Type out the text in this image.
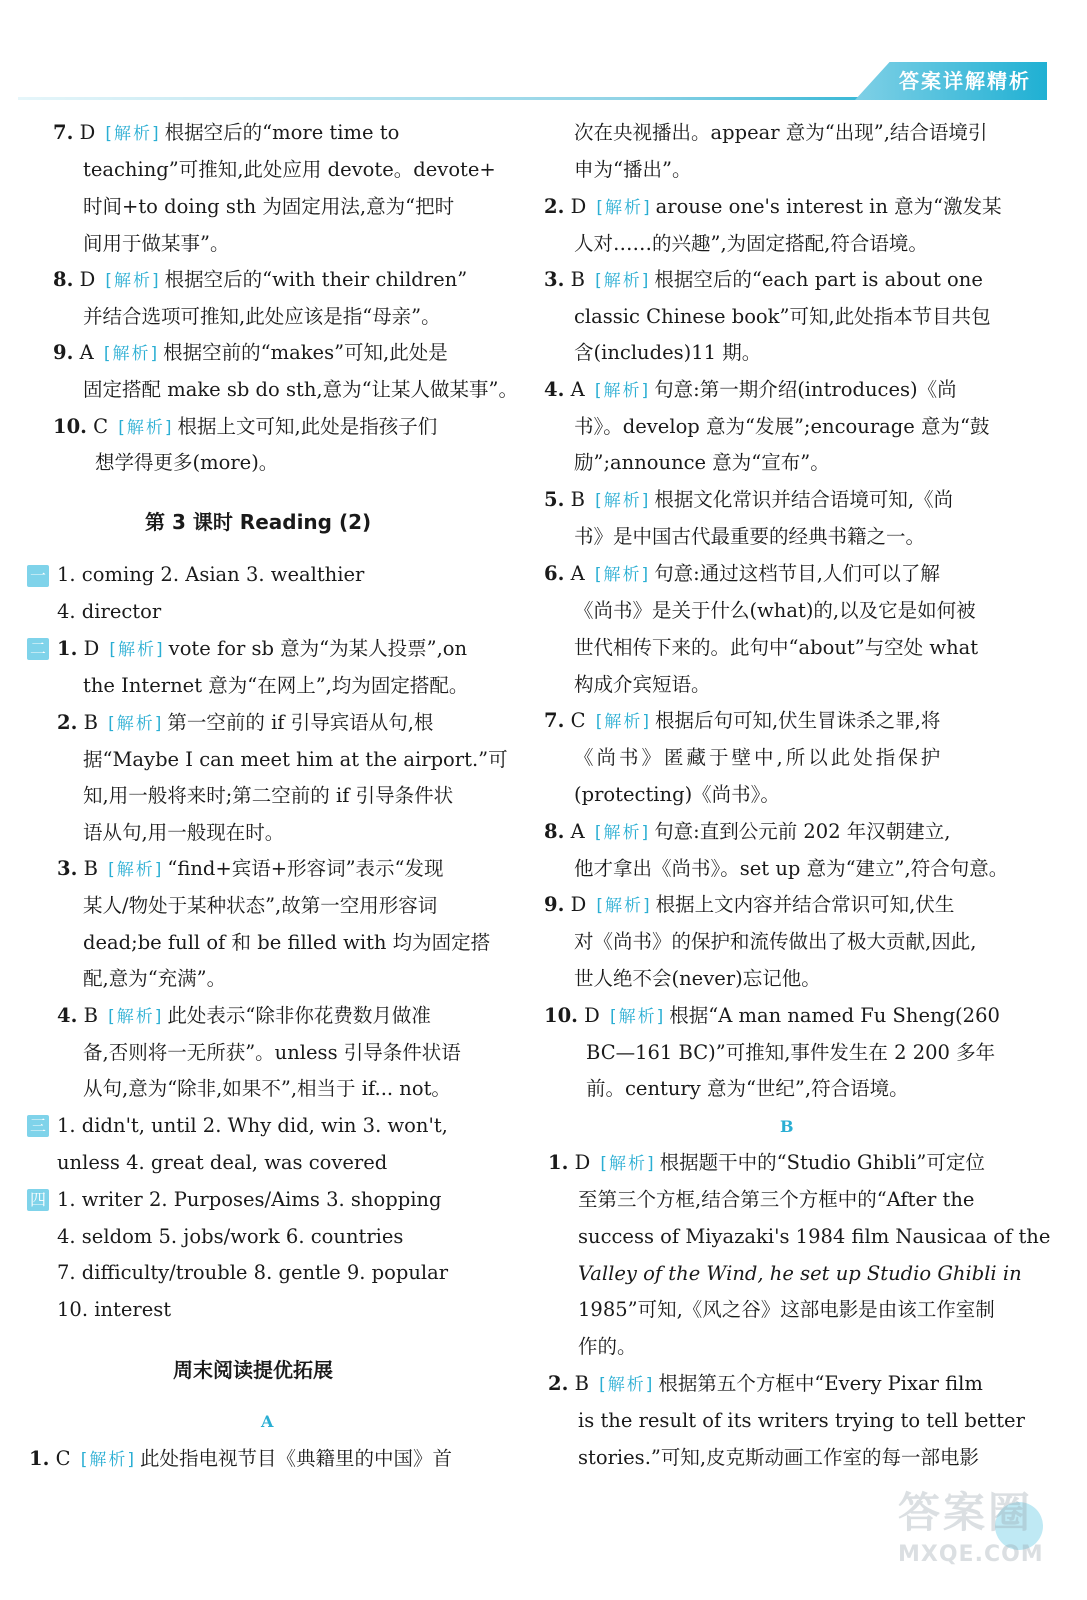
答案详解精析
7. D [解析] 根据空后的“more time to
teaching”可推知,此处应用 devote。devote+
时间+to doing sth 为固定用法,意为“把时
间用于做某事”。
8. D [解析] 根据空后的“with their children”
并结合选项可推知,此处应该是指“母亲”。
9. A [解析] 根据空前的“makes”可知,此处是
固定搭配 make sb do sth,意为“让某人做某事”。
10. C [解析] 根据上文可知,此处是指孩子们
想学得更多(more)。
第 3 课时 Reading (2)
一
二
三
四
1. coming 2. Asian 3. wealthier
4. director
1. D [解析] vote for sb 意为“为某人投票”,on
the Internet 意为“在网上”,均为固定搭配。
2. B [解析] 第一空前的 if 引导宾语从句,根
据“Maybe I can meet him at the airport.”可
知,用一般将来时;第二空前的 if 引导条件状
语从句,用一般现在时。
3. B [解析] “find+宾语+形容词”表示“发现
某人/物处于某种状态”,故第一空用形容词
dead;be full of 和 be filled with 均为固定搭
配,意为“充满”。
4. B [解析] 此处表示“除非你花费数月做准
备,否则将一无所获”。unless 引导条件状语
从句,意为“除非,如果不”,相当于 if... not。
1. didn't, until 2. Why did, win 3. won't,
unless 4. great deal, was covered
1. writer 2. Purposes/Aims 3. shopping
4. seldom 5. jobs/work 6. countries
7. difficulty/trouble 8. gentle 9. popular
10. interest
周末阅读提优拓展
A
1. C [解析] 此处指电视节目《典籍里的中国》首
次在央视播出。appear 意为“出现”,结合语境引
申为“播出”。
2. D [解析] arouse one's interest in 意为“激发某
人对……的兴趣”,为固定搭配,符合语境。
3. B [解析] 根据空后的“each part is about one
classic Chinese book”可知,此处指本节目共包
含(includes)11 期。
4. A [解析] 句意:第一期介绍(introduces)《尚
书》。develop 意为“发展”;encourage 意为“鼓
励”;announce 意为“宣布”。
5. B [解析] 根据文化常识并结合语境可知,《尚
书》是中国古代最重要的经典书籍之一。
6. A [解析] 句意:通过这档节目,人们可以了解
《尚书》是关于什么(what)的,以及它是如何被
世代相传下来的。此句中“about”与空处 what
构成介宾短语。
7. C [解析] 根据后句可知,伏生冒诛杀之罪,将
《尚书》匿藏于壁中,所以此处指保护
(protecting)《尚书》。
8. A [解析] 句意:直到公元前 202 年汉朝建立,
他才拿出《尚书》。set up 意为“建立”,符合句意。
9. D [解析] 根据上文内容并结合常识可知,伏生
对《尚书》的保护和流传做出了极大贡献,因此,
世人绝不会(never)忘记他。
10. D [解析] 根据“A man named Fu Sheng(260
BC—161 BC)”可推知,事件发生在 2 200 多年
前。century 意为“世纪”,符合语境。
B
1. D [解析] 根据题干中的“Studio Ghibli”可定位
至第三个方框,结合第三个方框中的“After the
success of Miyazaki's 1984 film Nausicaa of the
Valley of the Wind, he set up Studio Ghibli in
1985”可知,《风之谷》这部电影是由该工作室制
作的。
2. B [解析] 根据第五个方框中“Every Pixar film
is the result of its writers trying to tell better
stories.”可知,皮克斯动画工作室的每一部电影
答案圈
MXQE.COM
